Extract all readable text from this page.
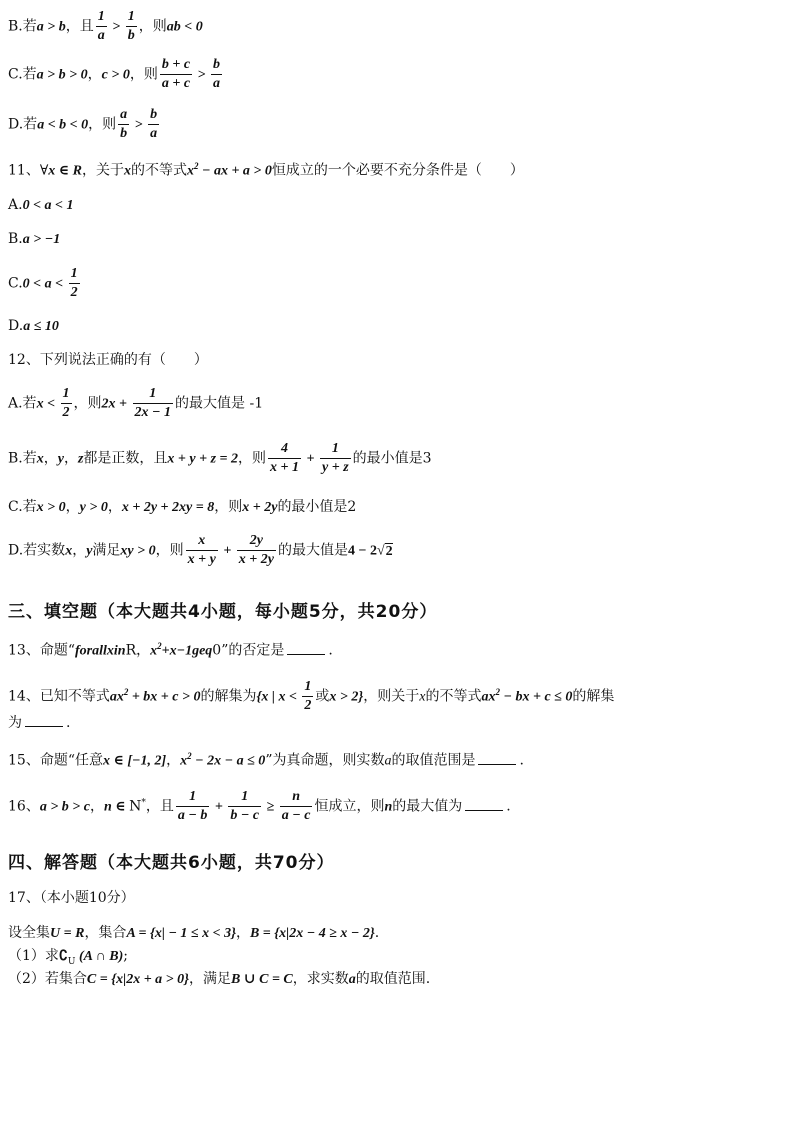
B.若a > b，且 $\frac{1}{a} > \frac{1}{b}$ ，则ab < 0
C.若a > b > 0，c > 0，则 $\frac{b + c}{a + c} > \frac{b}{a}$
D.若a < b < 0，则 $\frac{a}{b} > \frac{b}{a}$
11、∀x ∈ R，关于x的不等式$x^2$ − ax + a > 0恒成立的一个必要不充分条件是（　　）
A.0 < a < 1
B.a > −1
$C.0 < a < \frac{1}{2}$
D.a ≤ 10
12、下列说法正确的有（　　）
A.若$x < \frac{1}{2}$ ，则$2x + \frac{1}{2x - 1}$ 的最大值是 -1
B.若x，y，z都是正数，且x + y + z = 2，则 $\frac{4}{x + 1} + \frac{1}{y + z}$ 的最小值是3
C.若x > 0，y > 0，x + 2y + 2xy = 8，则x + 2y的最小值是2
D.若实数x，y满足xy > 0，则 $\frac{x}{x + y} + \frac{2y}{x + 2y}$ 的最大值是4 − 2√2
三、填空题（本大题共4小题，每小题5分，共20分）
13、命题“forallxinR，$x^2+x-1geq0$”的否定是	.
14、已知不等式$ax^2$ + bx + c > 0的解集为{x | $x < \frac{1}{2}$ 或x > 2}，则关于x的不等式$ax^2$ − bx + c ≤ 0的解集
为	.
15、命题“任意x ∈ [−1, 2]，$x^2 - 2x - a \le 0$”为真命题，则实数a的取值范围是	.
16、a > b > c，n ∈ N*，且 $\frac{1}{a - b} + \frac{1}{b - c} \ge \frac{n}{a - c}$ 恒成立，则n的最大值为	.
四、解答题（本大题共6小题，共70分）
17、（本小题10分）
设全集U = R，集合A = {x| − 1 ≤ x < 3}，B = {x|2x − 4 ≥ x − 2}.
（1）求$∁_U$ (A ∩ B);
（2）若集合C = {x|2x + a > 0}，满足B ∪ C = C，求实数a的取值范围.
